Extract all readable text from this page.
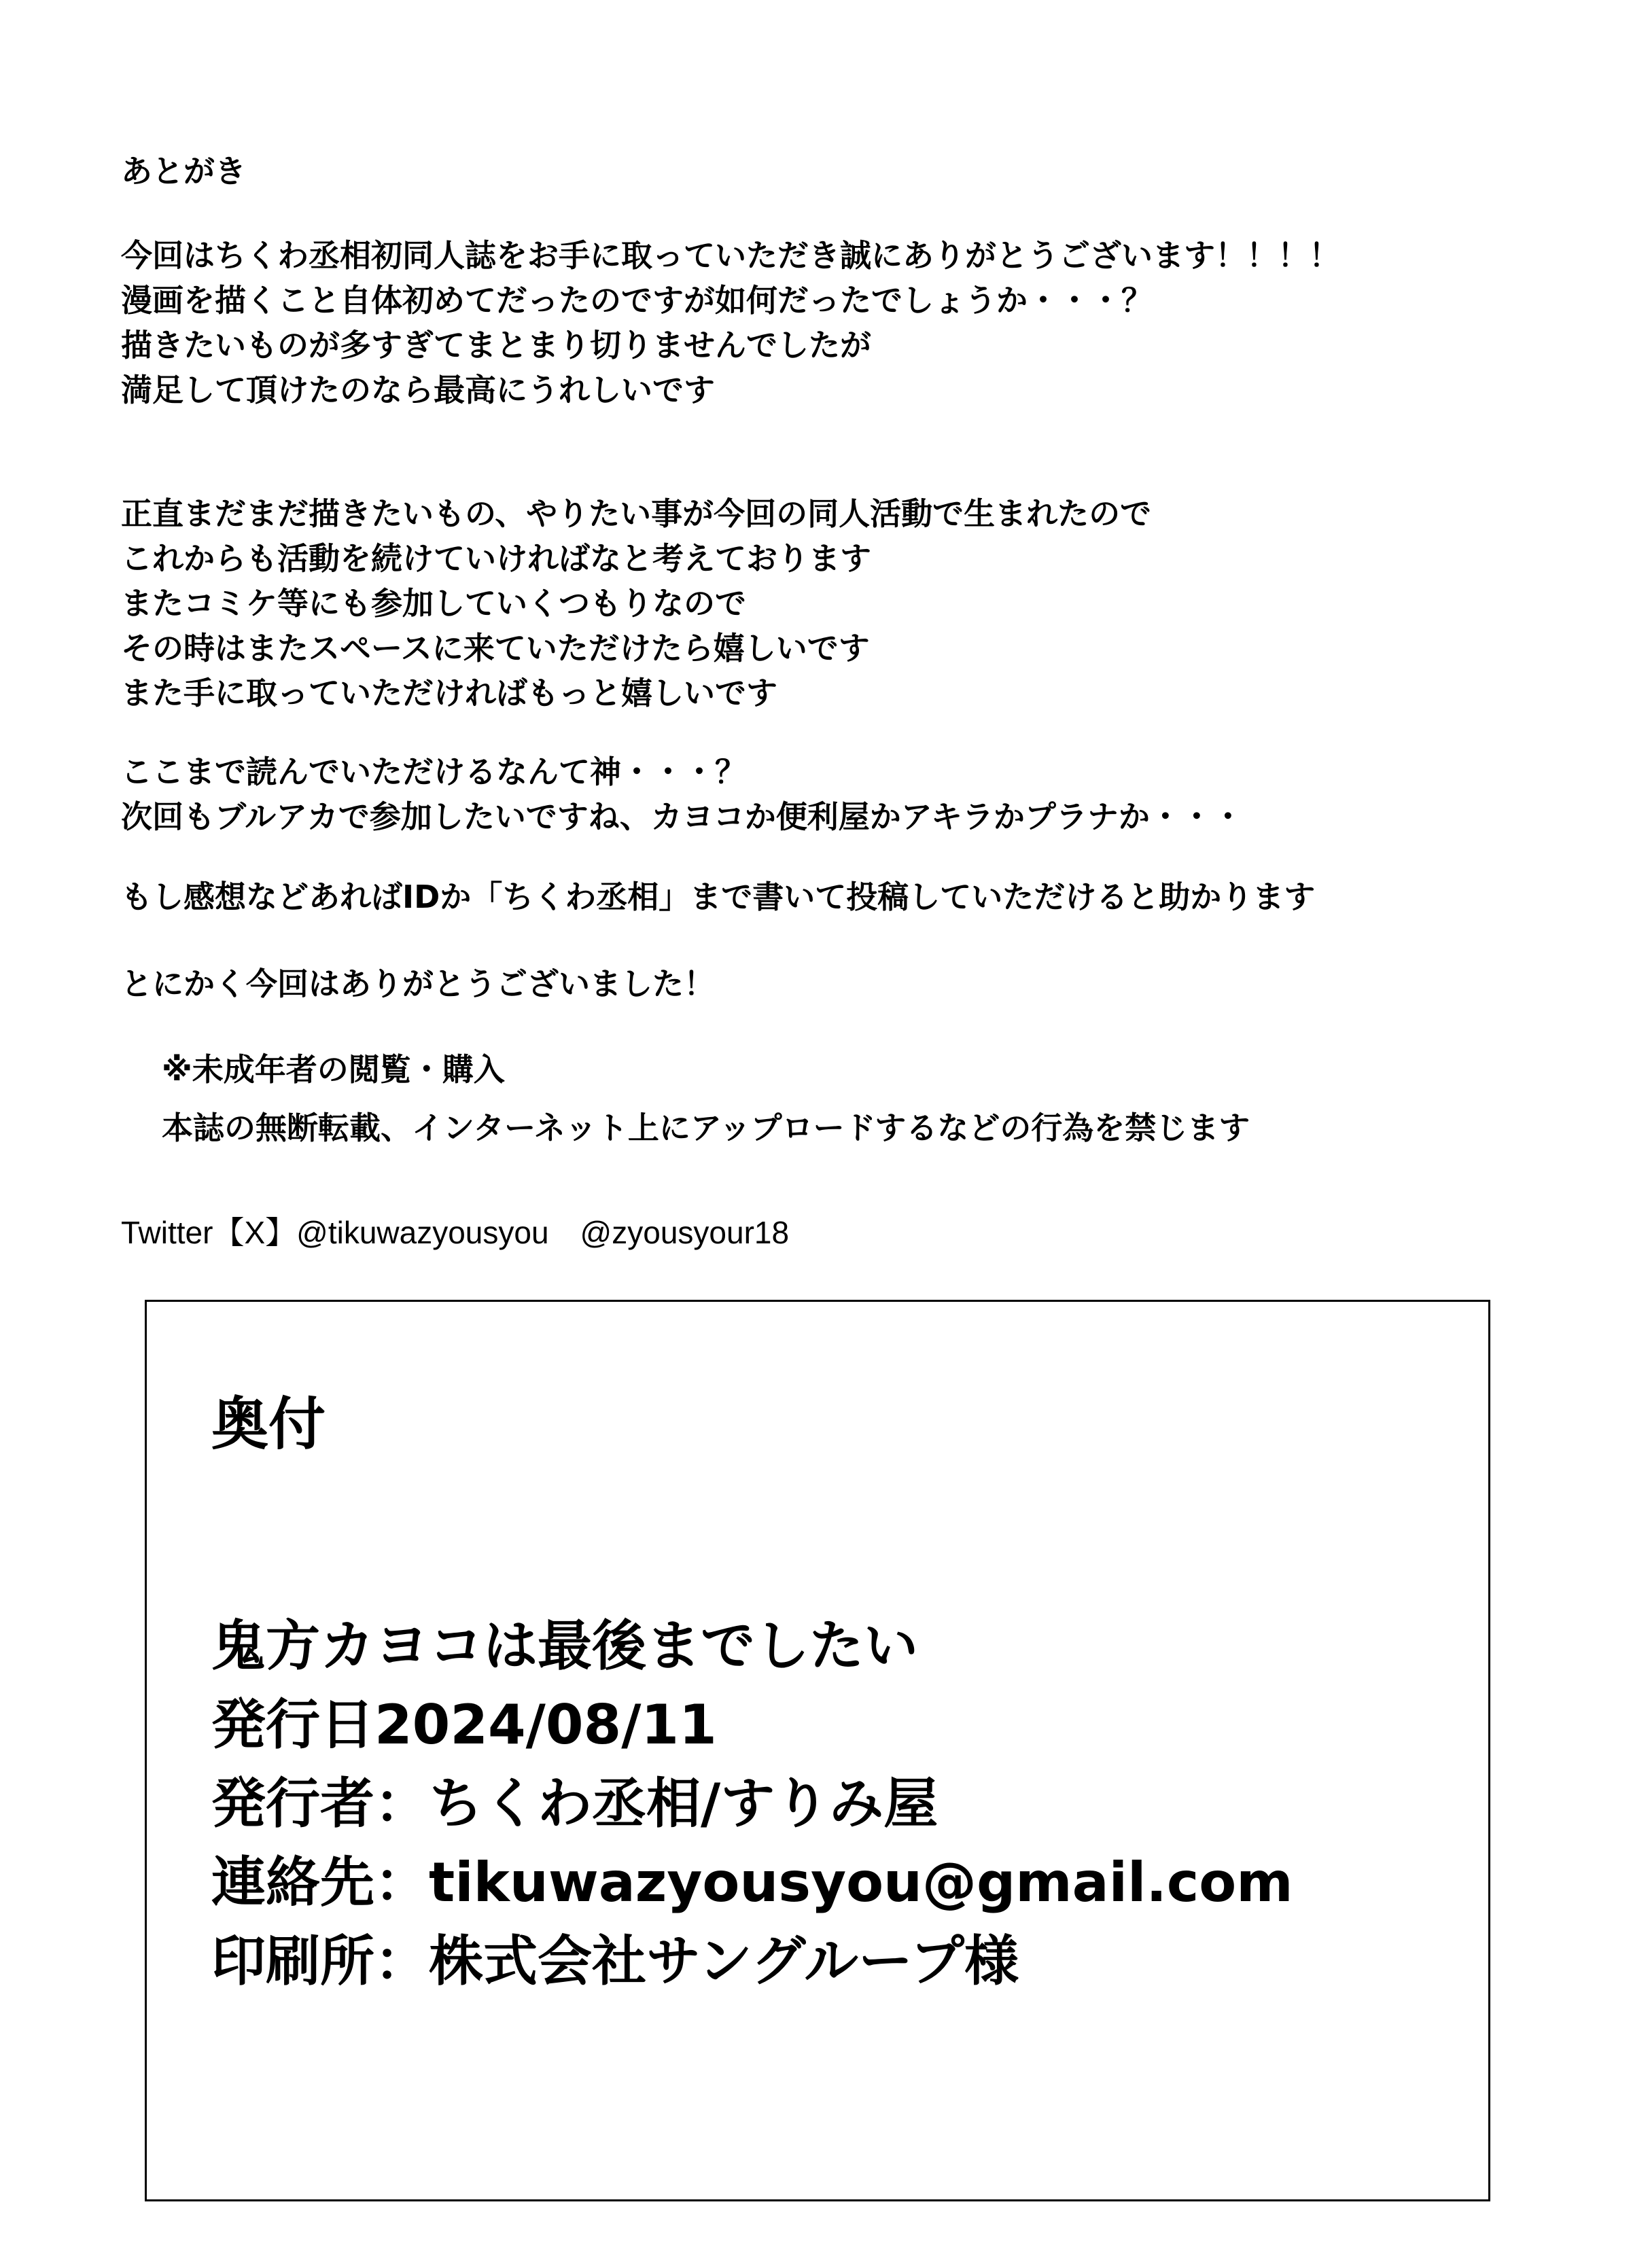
あとがき
今回はちくわ丞相初同人誌をお手に取っていただき誠にありがとうございます！！！！
漫画を描くこと自体初めてだったのですが如何だったでしょうか・・・？
描きたいものが多すぎてまとまり切りませんでしたが
満足して頂けたのなら最高にうれしいです
正直まだまだ描きたいもの、やりたい事が今回の同人活動で生まれたので
これからも活動を続けていければなと考えております
またコミケ等にも参加していくつもりなので
その時はまたスペースに来ていただけたら嬉しいです
また手に取っていただければもっと嬉しいです
ここまで読んでいただけるなんて神・・・？
次回もブルアカで参加したいですね、カヨコか便利屋かアキラかプラナか・・・
もし感想などあればIDか「ちくわ丞相」まで書いて投稿していただけると助かります
とにかく今回はありがとうございました！
※未成年者の閲覧・購入
本誌の無断転載、インターネット上にアップロードするなどの行為を禁じます
Twitter【X】@tikuwazyousyou　@zyousyour18
奥付
鬼方カヨコは最後までしたい
発行日2024/08/11
発行者：ちくわ丞相/すりみ屋
連絡先：tikuwazyousyou@gmail.com
印刷所：株式会社サングループ様
